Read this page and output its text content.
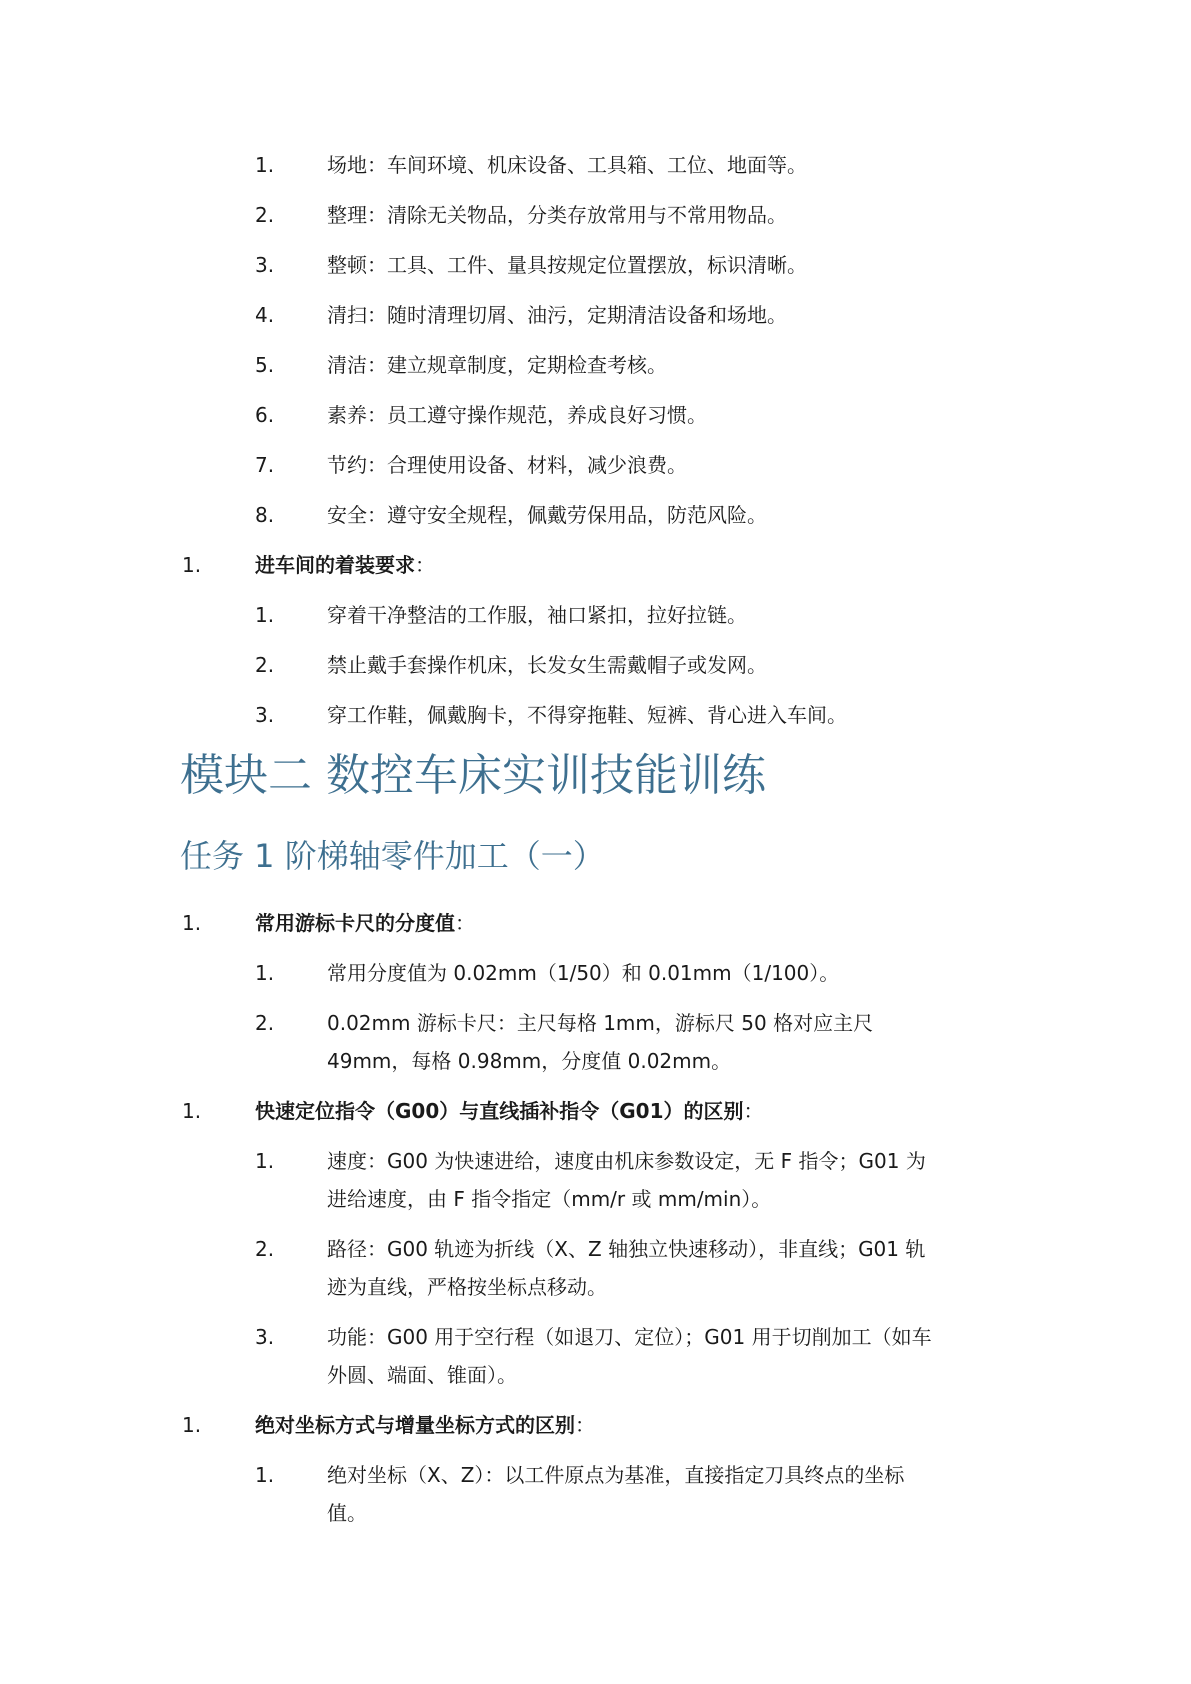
1.	场地：车间环境、机床设备、工具箱、工位、地面等。
2.	整理：清除无关物品，分类存放常用与不常用物品。
3.	整顿：工具、工件、量具按规定位置摆放，标识清晰。
4.	清扫：随时清理切屑、油污，定期清洁设备和场地。
5.	清洁：建立规章制度，定期检查考核。
6.	素养：员工遵守操作规范，养成良好习惯。
7.	节约：合理使用设备、材料，减少浪费。
8.	安全：遵守安全规程，佩戴劳保用品，防范风险。
1.	进车间的着装要求：
1.	穿着干净整洁的工作服，袖口紧扣，拉好拉链。
2.	禁止戴手套操作机床，长发女生需戴帽子或发网。
3.	穿工作鞋，佩戴胸卡，不得穿拖鞋、短裤、背心进入车间。
模块二 数控车床实训技能训练
任务 1 阶梯轴零件加工（一）
1.	常用游标卡尺的分度值：
1.	常用分度值为 0.02mm（1/50）和 0.01mm（1/100）。
2.	0.02mm 游标卡尺：主尺每格 1mm，游标尺 50 格对应主尺
49mm，每格 0.98mm，分度值 0.02mm。
1.	快速定位指令（G00）与直线插补指令（G01）的区别：
1.	速度：G00 为快速进给，速度由机床参数设定，无 F 指令；G01 为
进给速度，由 F 指令指定（mm/r 或 mm/min）。
2.	路径：G00 轨迹为折线（X、Z 轴独立快速移动），非直线；G01 轨
迹为直线，严格按坐标点移动。
3.	功能：G00 用于空行程（如退刀、定位）；G01 用于切削加工（如车
外圆、端面、锥面）。
1.	绝对坐标方式与增量坐标方式的区别：
1.	绝对坐标（X、Z）：以工件原点为基准，直接指定刀具终点的坐标
值。
